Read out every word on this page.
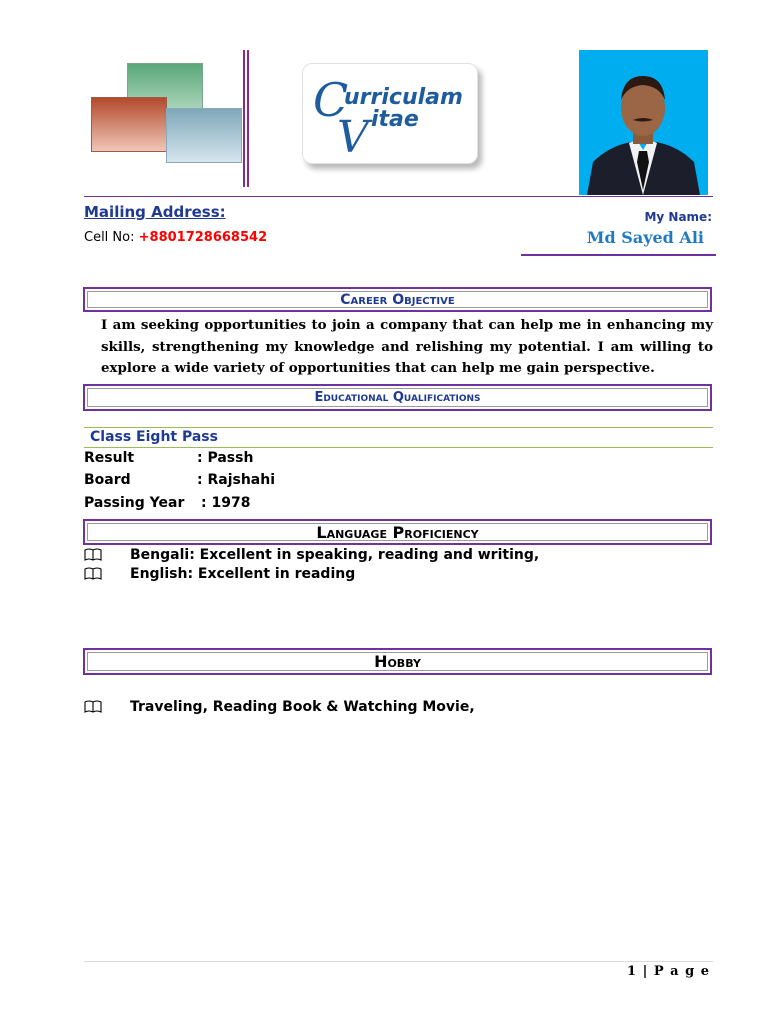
C
urriculam
V itae
Mailing Address:
Cell No: +8801728668542
My Name:
Md Sayed Ali
Career Objective
I am seeking opportunities to join a company that can help me in enhancing my skills, strengthening my knowledge and relishing my potential. I am willing to explore a wide variety of opportunities that can help me gain perspective.
Educational Qualifications
Class Eight Pass
Result	: Passh
Board	: Rajshahi
Passing Year : 1978
Language Proficiency
Bengali: Excellent in speaking, reading and writing,
English: Excellent in reading
Hobby
Traveling, Reading Book & Watching Movie,
1 | P a g e
